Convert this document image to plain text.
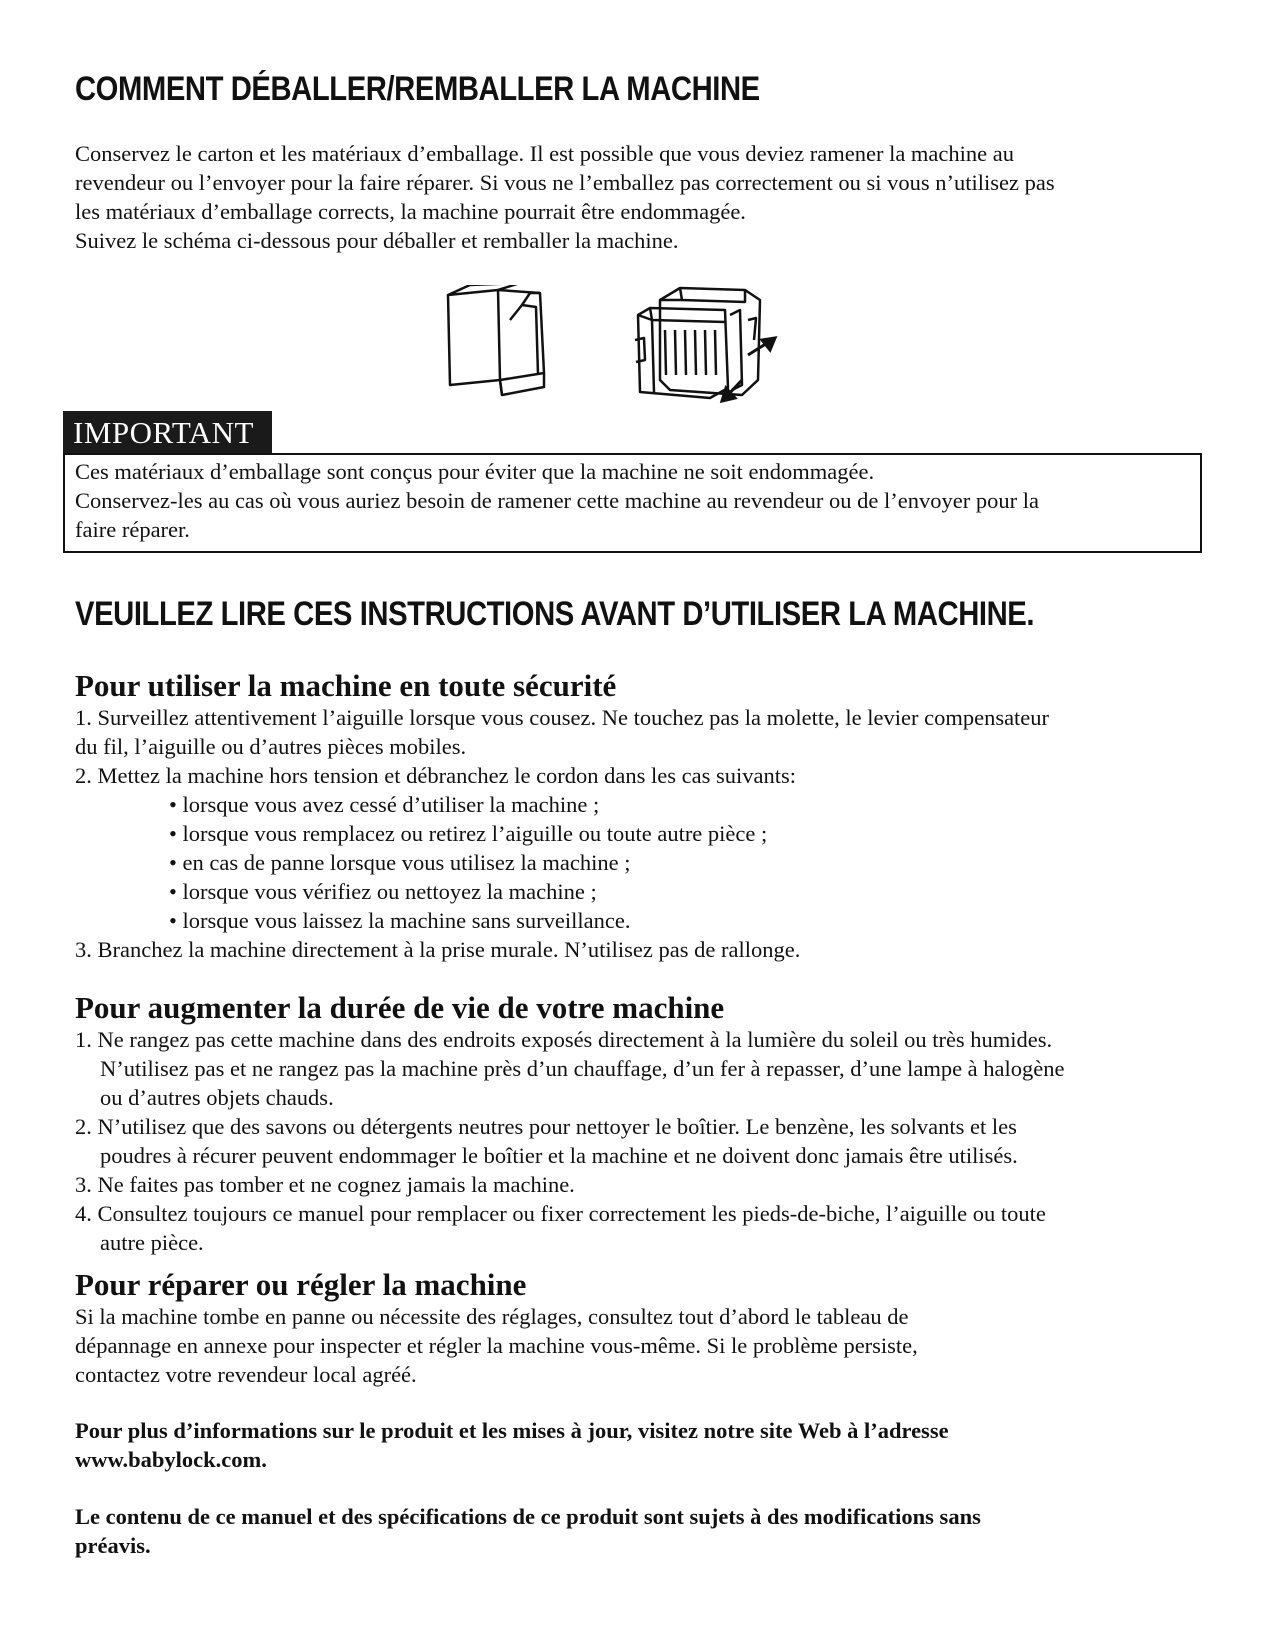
COMMENT DÉBALLER/REMBALLER LA MACHINE

Conservez le carton et les matériaux d’emballage. Il est possible que vous deviez ramener la machine au

revendeur ou l’envoyer pour la faire réparer. Si vous ne l’emballez pas correctement ou si vous n’utilisez pas

les matériaux d’emballage corrects, la machine pourrait être endommagée.

Suivez le schéma ci-dessous pour déballer et remballer la machine.

IMPORTANT

Ces matériaux d’emballage sont conçus pour éviter que la machine ne soit endommagée.

Conservez-les au cas où vous auriez besoin de ramener cette machine au revendeur ou de l’envoyer pour la

faire réparer.

VEUILLEZ LIRE CES INSTRUCTIONS AVANT D’UTILISER LA MACHINE.
Pour utiliser la machine en toute sécurité
1. Surveillez attentivement l’aiguille lorsque vous cousez. Ne touchez pas la molette, le levier compensateur
du fil, l’aiguille ou d’autres pièces mobiles.
2. Mettez la machine hors tension et débranchez le cordon dans les cas suivants:
• lorsque vous avez cessé d’utiliser la machine ;
• lorsque vous remplacez ou retirez l’aiguille ou toute autre pièce ;
• en cas de panne lorsque vous utilisez la machine ;
• lorsque vous vérifiez ou nettoyez la machine ;
• lorsque vous laissez la machine sans surveillance.
3. Branchez la machine directement à la prise murale. N’utilisez pas de rallonge.
Pour augmenter la durée de vie de votre machine
1. Ne rangez pas cette machine dans des endroits exposés directement à la lumière du soleil ou très humides.
N’utilisez pas et ne rangez pas la machine près d’un chauffage, d’un fer à repasser, d’une lampe à halogène
ou d’autres objets chauds.
2. N’utilisez que des savons ou détergents neutres pour nettoyer le boîtier. Le benzène, les solvants et les
poudres à récurer peuvent endommager le boîtier et la machine et ne doivent donc jamais être utilisés.
3. Ne faites pas tomber et ne cognez jamais la machine.
4. Consultez toujours ce manuel pour remplacer ou fixer correctement les pieds-de-biche, l’aiguille ou toute
autre pièce.
Pour réparer ou régler la machine

Si la machine tombe en panne ou nécessite des réglages, consultez tout d’abord le tableau de

dépannage en annexe pour inspecter et régler la machine vous-même. Si le problème persiste,

contactez votre revendeur local agréé.

Pour plus d’informations sur le produit et les mises à jour, visitez notre site Web à l’adresse

www.babylock.com.

Le contenu de ce manuel et des spécifications de ce produit sont sujets à des modifications sans

préavis.
